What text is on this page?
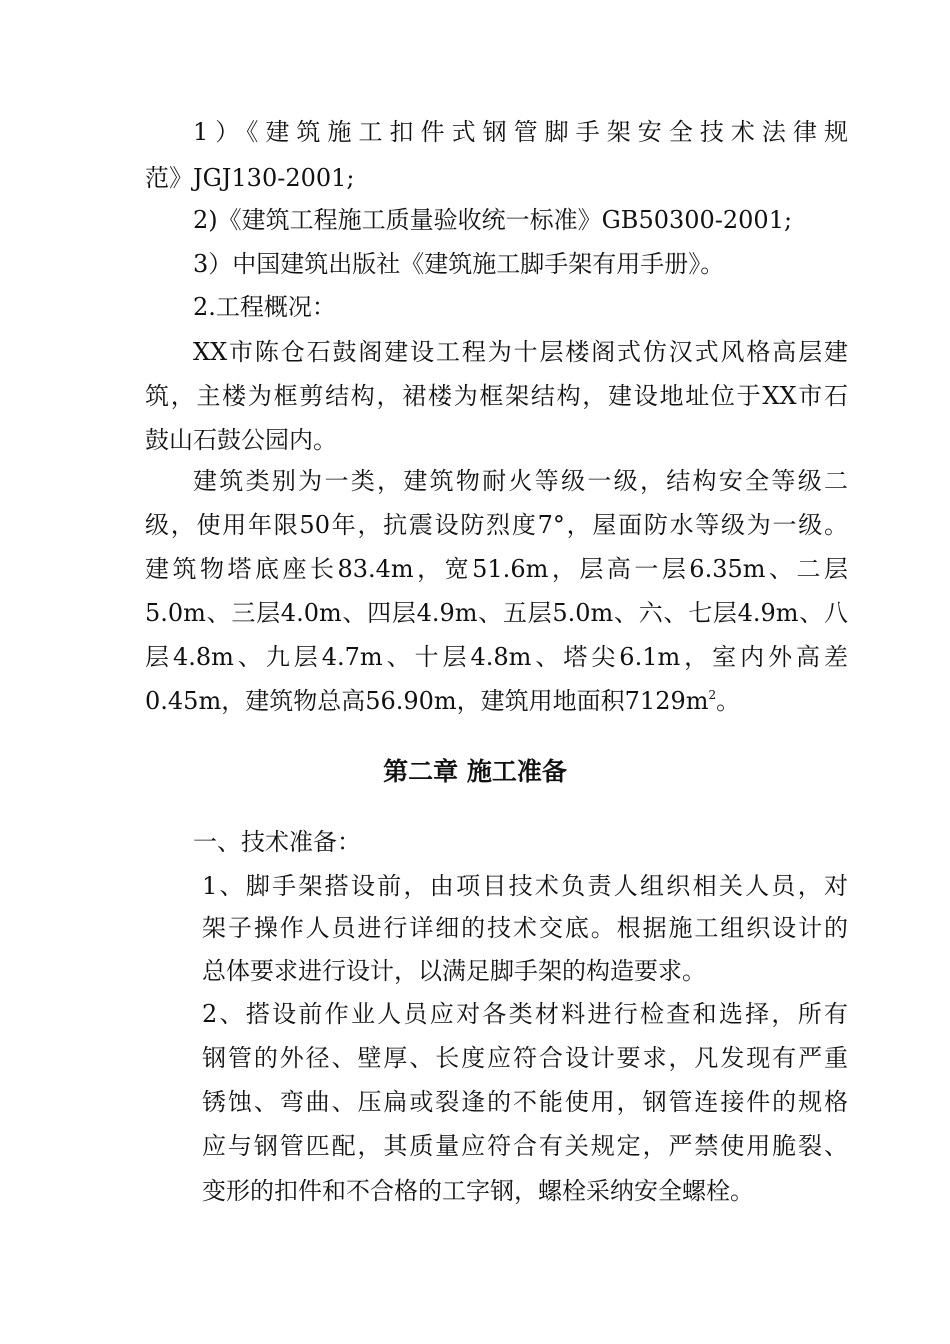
1）《建筑施工扣件式钢管脚手架安全技术法律规
范》JGJ130-2001;
2)《建筑工程施工质量验收统一标准》GB50300-2001;
3）中国建筑出版社《建筑施工脚手架有用手册》。
2.工程概况：
XX市陈仓石鼓阁建设工程为十层楼阁式仿汉式风格高层建
筑，主楼为框剪结构，裙楼为框架结构，建设地址位于XX市石
鼓山石鼓公园内。
建筑类别为一类，建筑物耐火等级一级，结构安全等级二
级，使用年限50年，抗震设防烈度7°，屋面防水等级为一级。
建筑物塔底座长83.4m，宽51.6m，层高一层6.35m、二层
5.0m、三层4.0m、四层4.9m、五层5.0m、六、七层4.9m、八
层4.8m、九层4.7m、十层4.8m、塔尖6.1m，室内外高差
0.45m，建筑物总高56.90m，建筑用地面积$7129m^2$。
第二章 施工准备
一、技术准备：
1、脚手架搭设前，由项目技术负责人组织相关人员，对
架子操作人员进行详细的技术交底。根据施工组织设计的
总体要求进行设计，以满足脚手架的构造要求。
2、搭设前作业人员应对各类材料进行检查和选择，所有
钢管的外径、壁厚、长度应符合设计要求，凡发现有严重
锈蚀、弯曲、压扁或裂逢的不能使用，钢管连接件的规格
应与钢管匹配，其质量应符合有关规定，严禁使用脆裂、
变形的扣件和不合格的工字钢，螺栓采纳安全螺栓。
